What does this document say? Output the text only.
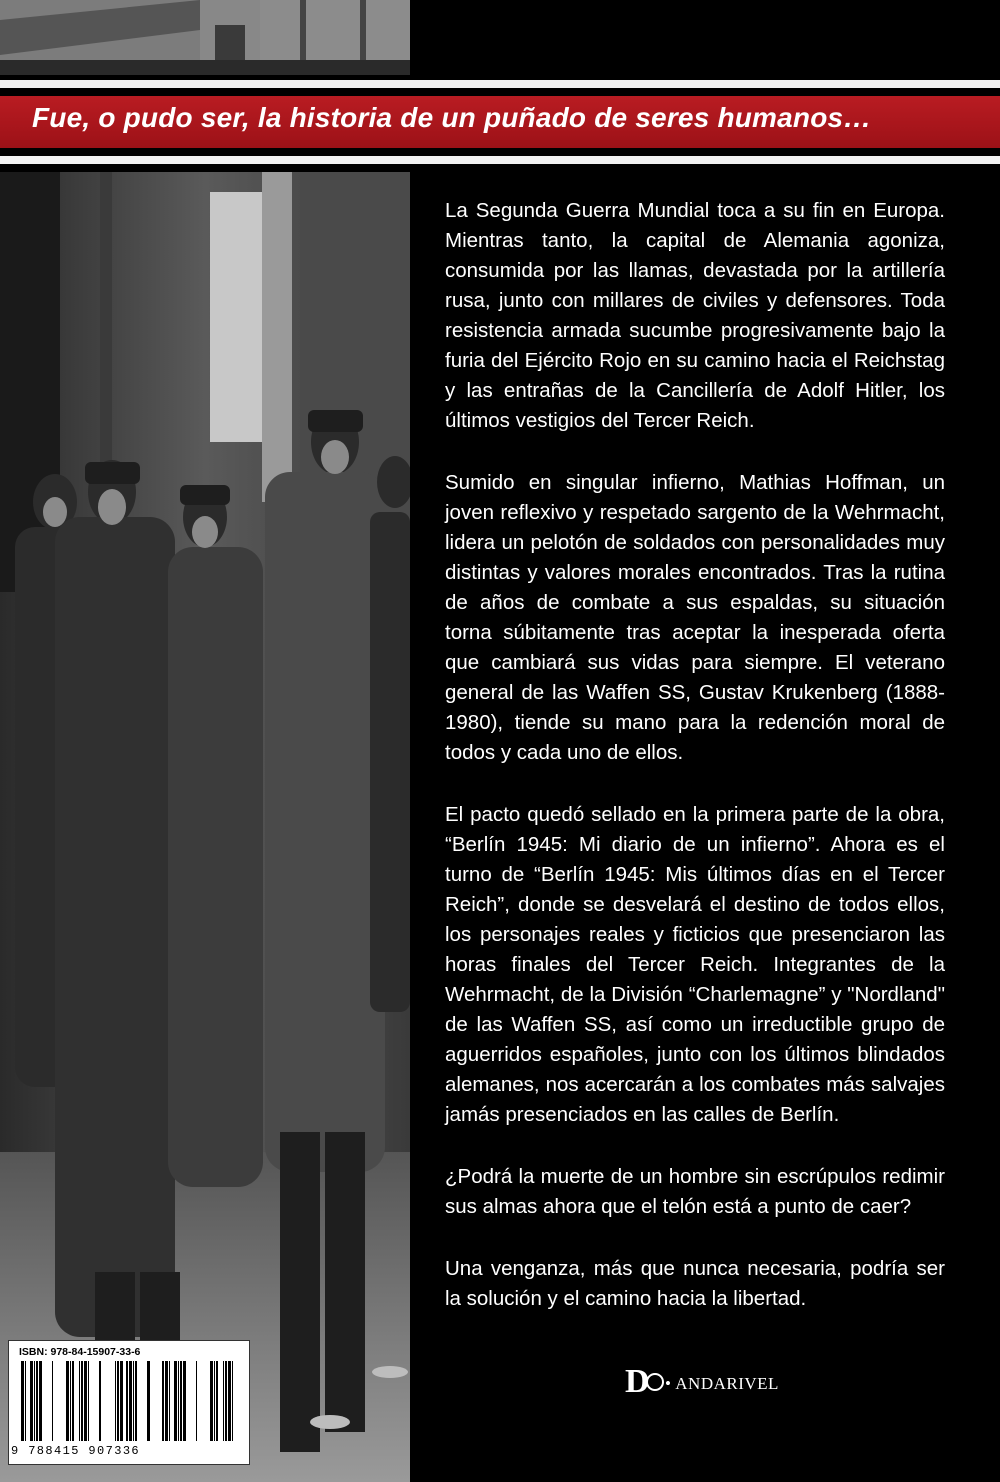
Fue, o pudo ser, la historia de un puñado de seres humanos…

La Segunda Guerra Mundial toca a su fin en Europa. Mientras tanto, la capital de Alemania agoniza, consumida por las llamas, devastada por la artillería rusa, junto con millares de civiles y defensores. Toda resistencia armada sucumbe progresivamente bajo la furia del Ejército Rojo en su camino hacia el Reichstag y las entrañas de la Cancillería de Adolf Hitler, los últimos vestigios del Tercer Reich.

Sumido en singular infierno, Mathias Hoffman, un joven reflexivo y respetado sargento de la Wehrmacht, lidera un pelotón de soldados con personalidades muy distintas y valores morales encontrados. Tras la rutina de años de combate a sus espaldas, su situación torna súbitamente tras aceptar la inesperada oferta que cambiará sus vidas para siempre. El veterano general de las Waffen SS, Gustav Krukenberg (1888-1980), tiende su mano para la redención moral de todos y cada uno de ellos.

El pacto quedó sellado en la primera parte de la obra, “Berlín 1945: Mi diario de un infierno”. Ahora es el turno de “Berlín 1945: Mis últimos días en el Tercer Reich”, donde se desvelará el destino de todos ellos, los personajes reales y ficticios que presenciaron las horas finales del Tercer Reich. Integrantes de la Wehrmacht, de la División “Charlemagne” y "Nordland" de las Waffen SS, así como un irreductible grupo de aguerridos españoles, junto con los últimos blindados alemanes, nos acercarán a los combates más salvajes jamás presenciados en las calles de Berlín.

¿Podrá la muerte de un hombre sin escrúpulos redimir sus almas ahora que el telón está a punto de caer?

Una venganza, más que nunca necesaria, podría ser la solución y el camino hacia la libertad.

ISBN: 978-84-15907-33-6
9 788415 907336
D • ANDARIVEL
